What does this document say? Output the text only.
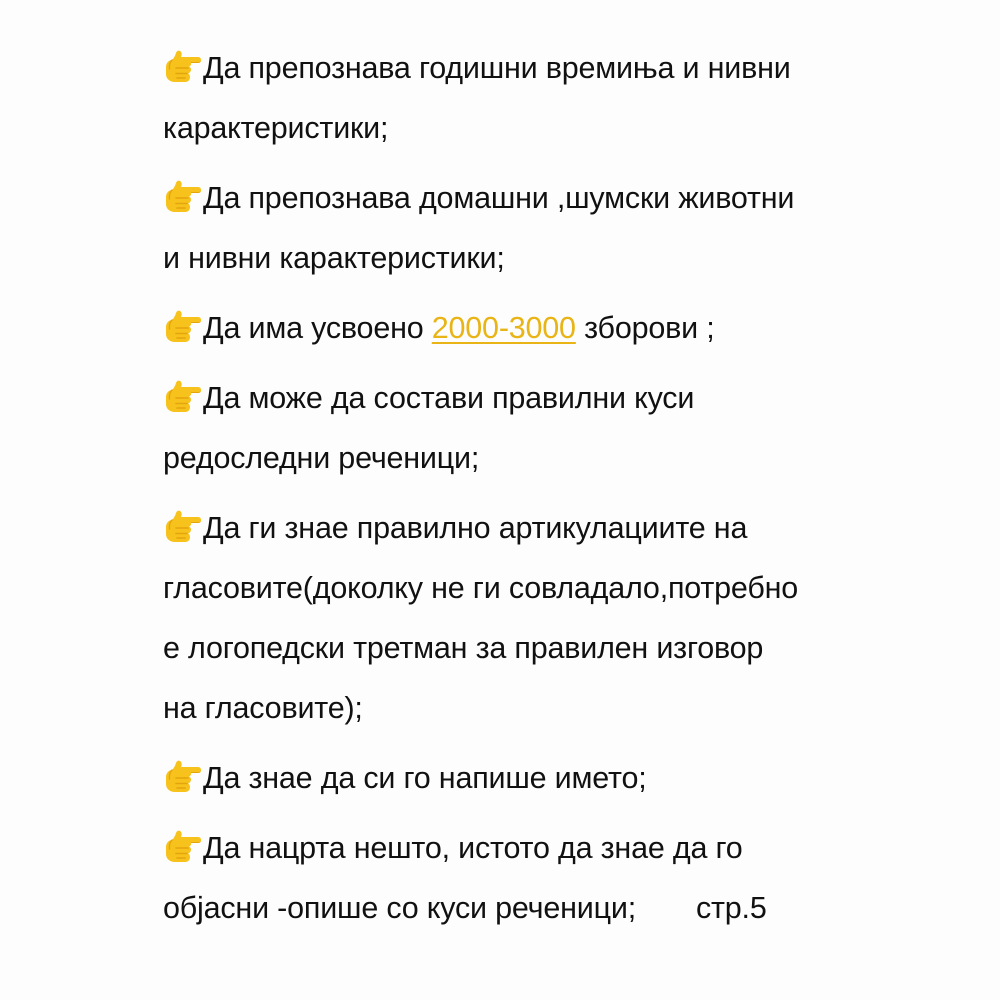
Да препознава годишни времиња и нивни
карактеристики;
Да препознава домашни ,шумски животни
и нивни карактеристики;
Да има усвоено 2000-3000 зборови ;
Да може да состави правилни куси
редоследни реченици;
Да ги знае правилно артикулациите на
гласовите(доколку не ги совладало,потребно
е логопедски третман за правилен изговор
на гласовите);
Да знае да си го напише името;
Да нацрта нешто, истото да знае да го
објасни -опише со куси реченици; стр.5
